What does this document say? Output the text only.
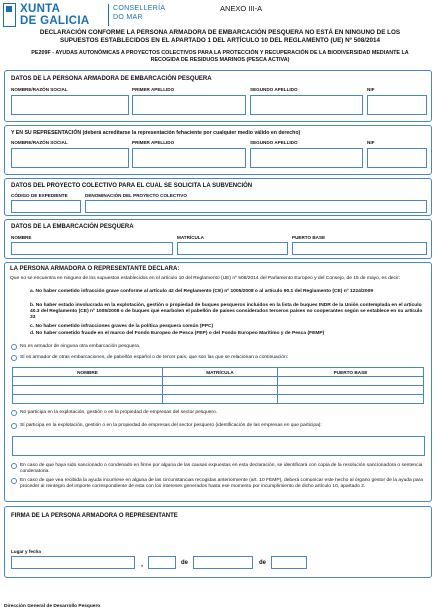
XUNTA
DE GALICIA
CONSELLERÍA
DO MAR
ANEXO III-A
DECLARACIÓN CONFORME LA PERSONA ARMADORA DE EMBARCACIÓN PESQUERA NO ESTÁ EN NINGUNO DE LOS SUPUESTOS ESTABLECIDOS EN EL APARTADO 1 DEL ARTÍCULO 10 DEL REGLAMENTO (UE) Nº 508/2014
PE209F - AYUDAS AUTONÓMICAS A PROYECTOS COLECTIVOS PARA LA PROTECCIÓN Y RECUPERACIÓN DE LA BIODIVERSIDAD MEDIANTE LA RECOGIDA DE RESIDUOS MARINOS (PESCA ACTIVA)
DATOS DE LA PERSONA ARMADORA DE EMBARCACIÓN PESQUERA
NOMBRE/RAZÓN SOCIAL	PRIMER APELLIDO	SEGUNDO APELLIDO	NIF
Y EN SU REPRESENTACIÓN (deberá acreditarse la representación fehaciente por cualquier medio válido en derecho)
NOMBRE/RAZÓN SOCIAL	PRIMER APELLIDO	SEGUNDO APELLIDO	NIF
DATOS DEL PROYECTO COLECTIVO PARA EL CUAL SE SOLICITA LA SUBVENCIÓN
CÓDIGO DE EXPEDIENTE	DENOMINACIÓN DEL PROYECTO COLECTIVO
DATOS DE LA EMBARCACIÓN PESQUERA
NOMBRE	MATRÍCULA	PUERTO BASE
LA PERSONA ARMADORA O REPRESENTANTE DECLARA:
Que no se encuentra en ninguno de los supuestos establecidos en el artículo 10 del Reglamento (UE) nº 508/2014 del Parlamento Europeo y del Consejo, de 15 de mayo, es decir:
a. No haber cometido infracción grave conforme al artículo 42 del Reglamento (CE) nº 1005/2008 o al artículo 90.1 del Reglamento (CE) nº 1224/2009
b. No haber estado involucrada en la explotación, gestión o propiedad de buques pesqueros incluidos en la lista de buques INDR de la Unión contemplada en el artículo 40.3 del Reglamento (CE) nº 1005/2008 o de buques que enarbolen el pabellón de países considerados terceros países no cooperantes según se establece en su artículo 33
c. No haber cometido infracciones graves de la política pesquera común (PPC)
d. No haber cometido fraude en el marco del Fondo Europeo de Pesca (FEP) o del Fondo Europeo Marítimo y de Pesca (FEMP)
No es armador de ninguna otra embarcación pesquera.
Sí es armador de otras embarcaciones, de pabellón español o de tercer país, que son las que se relacionan a continuación:
NOMBRE	MATRÍCULA	PUERTO BASE

No participa en la explotación, gestión o en la propiedad de empresas del sector pesquero.
Sí participa en la explotación, gestión o en la propiedad de empresas del sector pesquero (identificación de las empresas en que participa):
En caso de que haya sido sancionado o condenado en firme por alguna de las causas expuestas en esta declaración, se identificará con copia de la resolución sancionadora o sentencia condenatoria.
En caso de que vea recibida la ayuda incurriese en alguna de las circunstancias recogidas anteriormente (art. 10 FEMP), deberá comunicar este hecho al órgano gestor de la ayuda para proceder al reintegro del importe correspondiente de esta con los intereses generados hasta ese momento por incumplimiento de dicho artículo 10, apartado 2.
FIRMA DE LA PERSONA ARMADORA O REPRESENTANTE
Lugar y fecha
,	de	de
Dirección General de Desarrollo Pesquero
